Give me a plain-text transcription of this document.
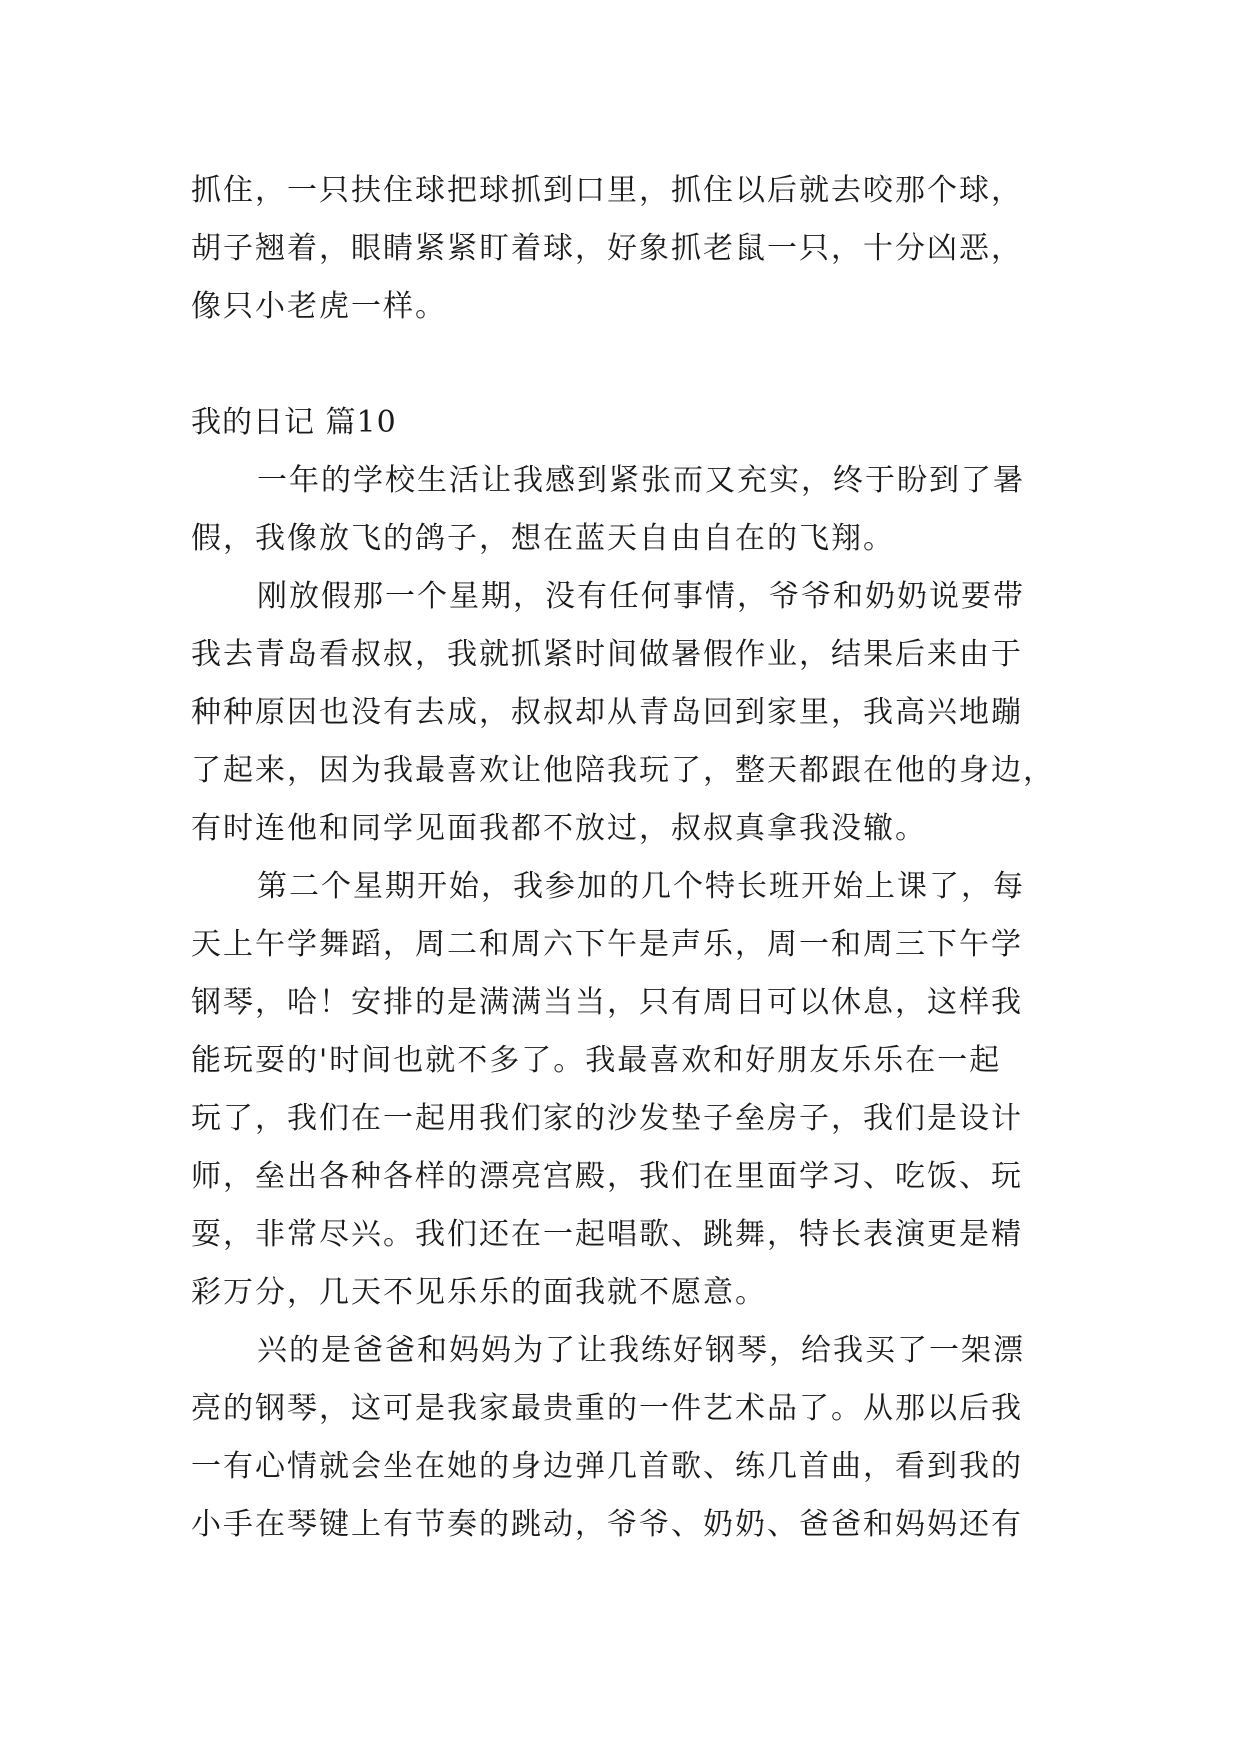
抓住，一只扶住球把球抓到口里，抓住以后就去咬那个球，
胡子翘着，眼睛紧紧盯着球，好象抓老鼠一只，十分凶恶，
像只小老虎一样。
我的日记 篇10
一年的学校生活让我感到紧张而又充实，终于盼到了暑
假，我像放飞的鸽子，想在蓝天自由自在的飞翔。
刚放假那一个星期，没有任何事情，爷爷和奶奶说要带
我去青岛看叔叔，我就抓紧时间做暑假作业，结果后来由于
种种原因也没有去成，叔叔却从青岛回到家里，我高兴地蹦
了起来，因为我最喜欢让他陪我玩了，整天都跟在他的身边，
有时连他和同学见面我都不放过，叔叔真拿我没辙。
第二个星期开始，我参加的几个特长班开始上课了，每
天上午学舞蹈，周二和周六下午是声乐，周一和周三下午学
钢琴，哈！安排的是满满当当，只有周日可以休息，这样我
能玩耍的'时间也就不多了。我最喜欢和好朋友乐乐在一起
玩了，我们在一起用我们家的沙发垫子垒房子，我们是设计
师，垒出各种各样的漂亮宫殿，我们在里面学习、吃饭、玩
耍，非常尽兴。我们还在一起唱歌、跳舞，特长表演更是精
彩万分，几天不见乐乐的面我就不愿意。
兴的是爸爸和妈妈为了让我练好钢琴，给我买了一架漂
亮的钢琴，这可是我家最贵重的一件艺术品了。从那以后我
一有心情就会坐在她的身边弹几首歌、练几首曲，看到我的
小手在琴键上有节奏的跳动，爷爷、奶奶、爸爸和妈妈还有
